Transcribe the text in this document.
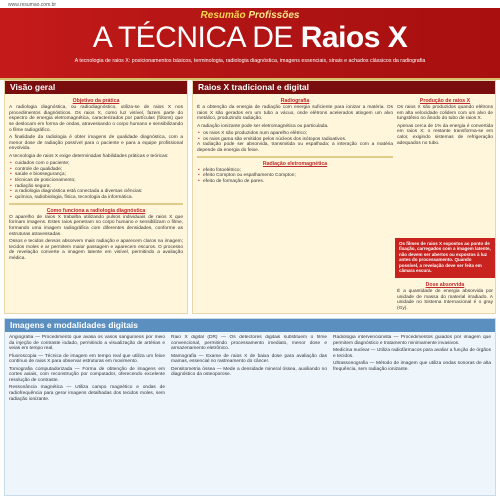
www.resumao.com.br
Resumão Profissões
A TÉCNICA DE Raios X
A tecnologia de raios X: posicionamentos básicos, terminologia, radiologia diagnóstica, imagens essenciais, sinais e achados clássicos da radiografia
Visão geral
Objetivo da prática
A radiologia diagnóstica, ou radiodiagnóstico, utiliza-se de raios X nos procedimentos diagnósticos. Os raios X, como luz visível, fazem parte do espectro de energia eletromagnética, caracterizados por partículas (fótons) que se deslocam em forma de ondas, atravessando o corpo humano e sensibilizando o filme radiográfico.
A finalidade da radiologia é obter imagens de qualidade diagnóstica, com a menor dose de radiação possível para o paciente e para a equipe profissional envolvida.
A tecnologia de raios X exige determinadas habilidades práticas e teóricas:
• cuidados com o paciente;
• controle de qualidade;
• saúde e biossegurança;
• técnicas de posicionamento;
• radiação segura;
• a radiologia diagnóstica está conectada a diversas ciências:
• química, radiobiologia, física, tecnologia da informática.
Como funciona a radiologia diagnóstica
O aparelho de raios X trabalha utilizando pulsos individuais de raios X que formam imagens. Estes raios penetram no corpo humano e sensibilizam o filme, formando uma imagem radiográfica com diferentes densidades, conforme as estruturas atravessadas.
Ossos e tecidos densos absorvem mais radiação e aparecem claros na imagem; tecidos moles e ar permitem maior passagem e aparecem escuros. O processo de revelação converte a imagem latente em visível, permitindo a avaliação médica.
Raios X tradicional e digital
Radiografia
É a obtenção da energia de radiação com energia suficiente para ionizar a matéria. Os raios X são gerados em um tubo a vácuo, onde elétrons acelerados atingem um alvo metálico, produzindo radiação.
A radiação ionizante pode ser eletromagnética ou particulada.
• os raios X são produzidos num aparelho elétrico;
• os raios gama são emitidos pelos núcleos dos isótopos radioativos.
A radiação pode ser absorvida, transmitida ou espalhada; a interação com a matéria depende da energia do feixe.
Radiação eletromagnética
• efeito fotoelétrico;
• efeito Compton ou espalhamento Compton;
• efeito de formação de pares.
Produção de raios X
Os raios X são produzidos quando elétrons em alta velocidade colidem com um alvo de tungstênio no ânodo do tubo de raios X.
Apenas cerca de 1% da energia é convertida em raios X; o restante transforma-se em calor, exigindo sistemas de refrigeração adequados no tubo.
Dose absorvida
É a quantidade de energia absorvida por unidade de massa do material irradiado. A unidade no Sistema Internacional é o gray (Gy).
Os filmes de raios X expostos ao ponto de fixação, carregados com a imagem latente, não devem ser abertos ou expostos à luz antes do processamento. Quando possível, a revelação deve ser feita em câmara escura.
Imagens e modalidades digitais
Angiografia — Procedimento que avalia os vasos sanguíneos por meio da injeção de contraste iodado, permitindo a visualização de artérias e veias em tempo real.
Fluoroscopia — Técnica de imagem em tempo real que utiliza um feixe contínuo de raios X para observar estruturas em movimento.
Tomografia computadorizada — Forma de obtenção de imagens em cortes axiais, com reconstrução por computador, oferecendo excelente resolução de contraste.
Ressonância magnética — Utiliza campo magnético e ondas de radiofrequência para gerar imagens detalhadas dos tecidos moles, sem radiação ionizante.
Raio X digital (DR) — Os detectores digitais substituem o filme convencional, permitindo processamento imediato, menor dose e armazenamento eletrônico.
Mamografia — Exame de raios X de baixa dose para avaliação das mamas, essencial no rastreamento do câncer.
Densitometria óssea — Mede a densidade mineral óssea, auxiliando no diagnóstico da osteoporose.
Radiologia intervencionista — Procedimentos guiados por imagem que permitem diagnóstico e tratamento minimamente invasivos.
Medicina nuclear — Utiliza radiofármacos para avaliar a função de órgãos e tecidos.
Ultrassonografia — Método de imagem que utiliza ondas sonoras de alta frequência, sem radiação ionizante.
